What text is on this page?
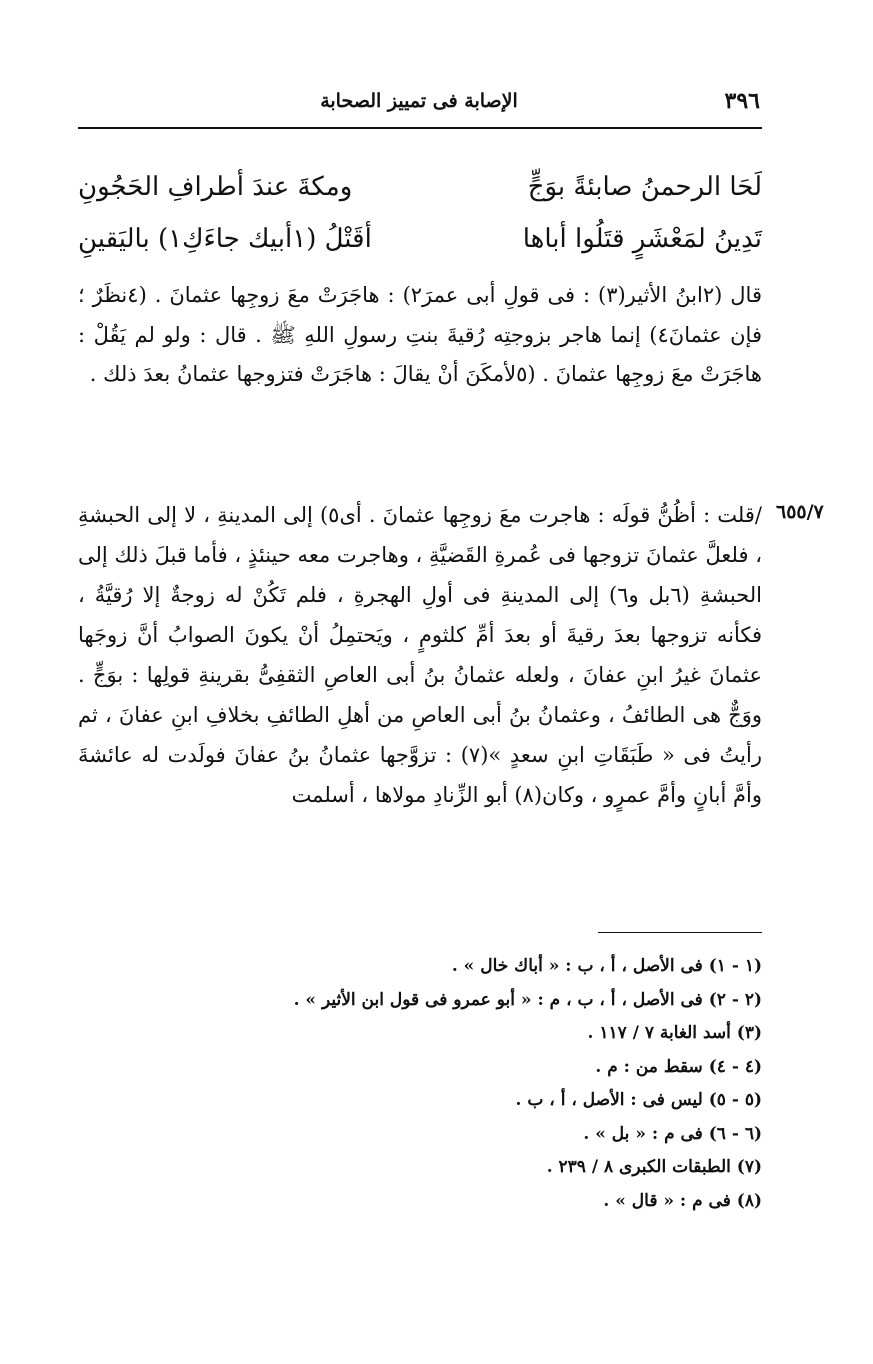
٣٩٦
الإصابة فى تمييز الصحابة
لَحَا الرحمنُ صابئةً بوَجٍّ
ومكةَ عندَ أطرافِ الحَجُونِ
تَدِينُ لمَعْشَرٍ قتَلُوا أباها
أقَتْلُ (١أبيك جاءَكِ١) باليَقينِ

قال (٢ابنُ الأثير(٣) : فى قولِ أبى عمرَ٢) : هاجَرَتْ معَ زوجِها عثمانَ . (٤نظَرٌ ؛ فإن عثمانَ٤) إنما هاجر بزوجتِه رُقيةَ بنتِ رسولِ اللهِ ﷺ . قال : ولو لم يَقُلْ : هاجَرَتْ معَ زوجِها عثمانَ . (٥لأمكَنَ أنْ يقالَ : هاجَرَتْ فتزوجها عثمانُ بعدَ ذلك .

٦٥٥/٧

/قلت : أظُنُّ قولَه : هاجرت معَ زوجِها عثمانَ . أى٥) إلى المدينةِ ، لا إلى الحبشةِ ، فلعلَّ عثمانَ تزوجها فى عُمرةِ القَضيَّةِ ، وهاجرت معه حينئذٍ ، فأما قبلَ ذلك إلى الحبشةِ (٦بل و٦) إلى المدينةِ فى أولِ الهجرةِ ، فلم تَكُنْ له زوجةٌ إلا رُقيَّةُ ، فكأنه تزوجها بعدَ رقيةَ أو بعدَ أمِّ كلثومٍ ، ويَحتمِلُ أنْ يكونَ الصوابُ أنَّ زوجَها عثمانَ غيرُ ابنِ عفانَ ، ولعله عثمانُ بنُ أبى العاصِ الثقفِىُّ بقرينةِ قولِها : بوَجٍّ . ووَجٌّ هى الطائفُ ، وعثمانُ بنُ أبى العاصِ من أهلِ الطائفِ بخلافِ ابنِ عفانَ ، ثم رأيتُ فى « طَبَقَاتِ ابنِ سعدٍ »(٧) : تزوَّجها عثمانُ بنُ عفانَ فولَدت له عائشةَ وأمَّ أبانٍ وأمَّ عمرٍو ، وكان(٨) أبو الزِّنادِ مولاها ، أسلمت

(١ - ١) فى الأصل ، أ ، ب : « أباك خال » .
(٢ - ٢) فى الأصل ، أ ، ب ، م : « أبو عمرو فى قول ابن الأثير » .
(٣) أسد الغابة ٧ / ١١٧ .
(٤ - ٤) سقط من : م .
(٥ - ٥) ليس فى : الأصل ، أ ، ب .
(٦ - ٦) فى م : « بل » .
(٧) الطبقات الكبرى ٨ / ٢٣٩ .
(٨) فى م : « قال » .
